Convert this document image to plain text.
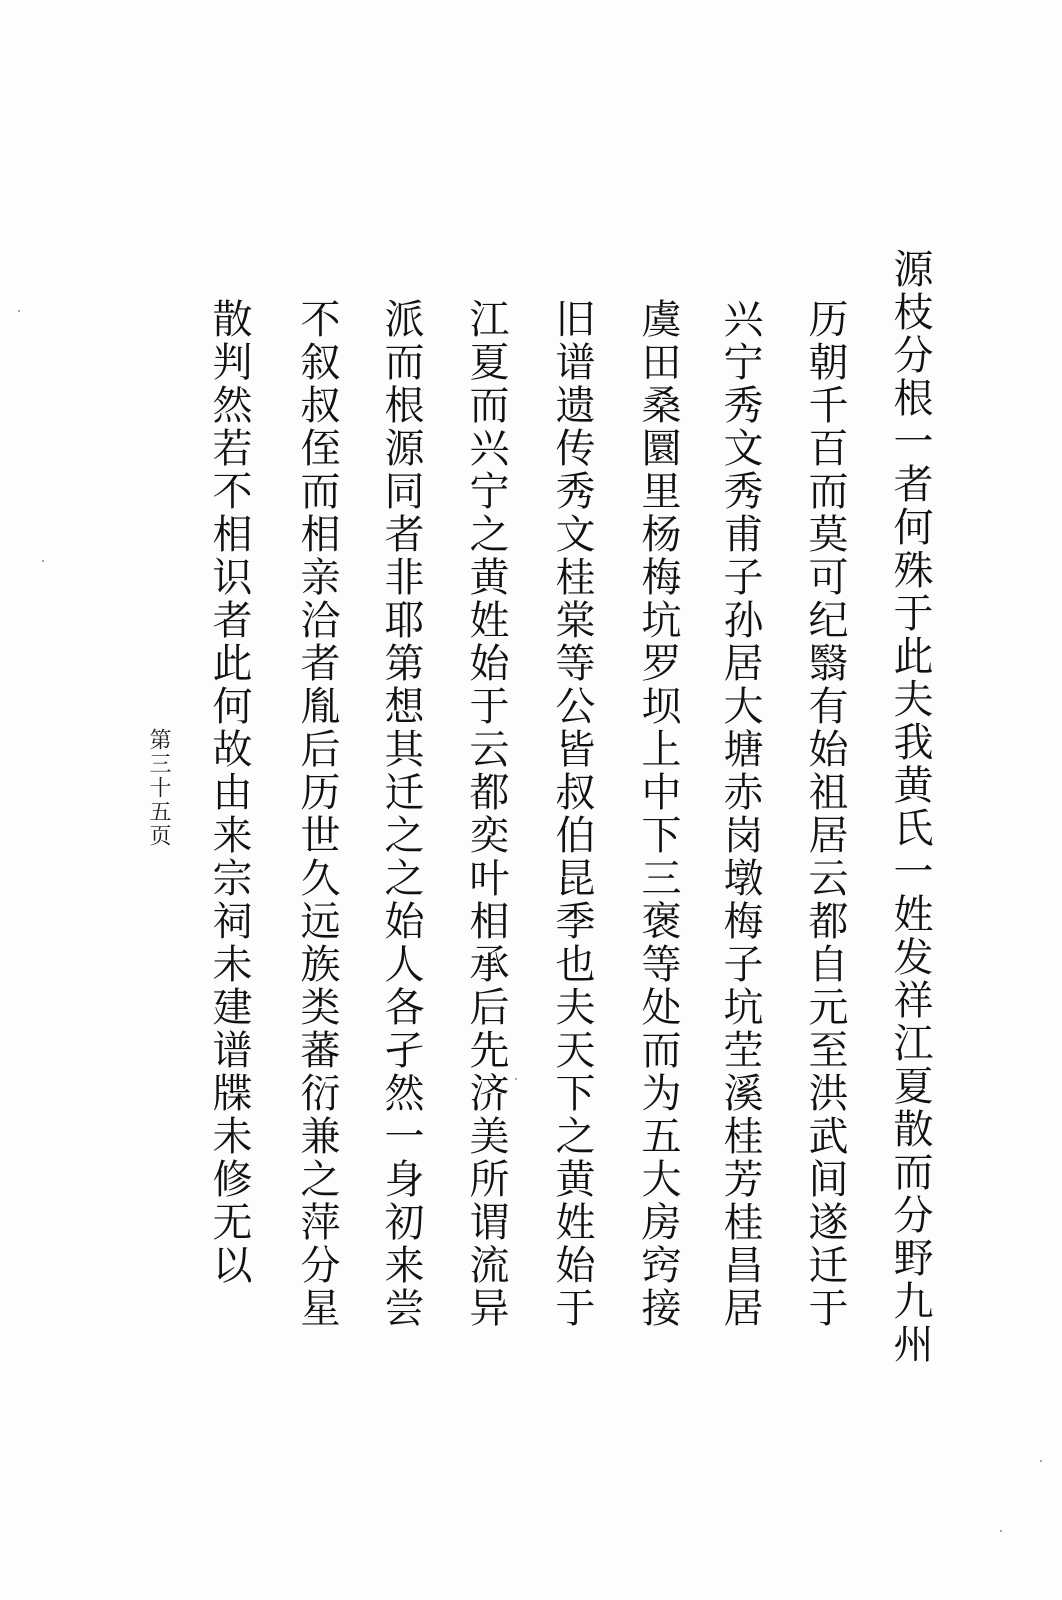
源枝分根一者何殊于此夫我黄氏一姓发祥江夏散而分野九州
历朝千百而莫可纪翳有始祖居云都自元至洪武间遂迁于
兴宁秀文秀甫子孙居大塘赤岗墩梅子坑茔溪桂芳桂昌居
虞田桑圜里杨梅坑罗坝上中下三褒等处而为五大房窍接
旧谱遗传秀文桂棠等公皆叔伯昆季也夫天下之黄姓始于
江夏而兴宁之黄姓始于云都奕叶相承后先济美所谓流异
派而根源同者非耶第想其迁之之始人各孑然一身初来尝
不叙叔侄而相亲洽者胤后历世久远族类蕃衍兼之萍分星
散判然若不相识者此何故由来宗祠未建谱牒未修无以
第三十五页
